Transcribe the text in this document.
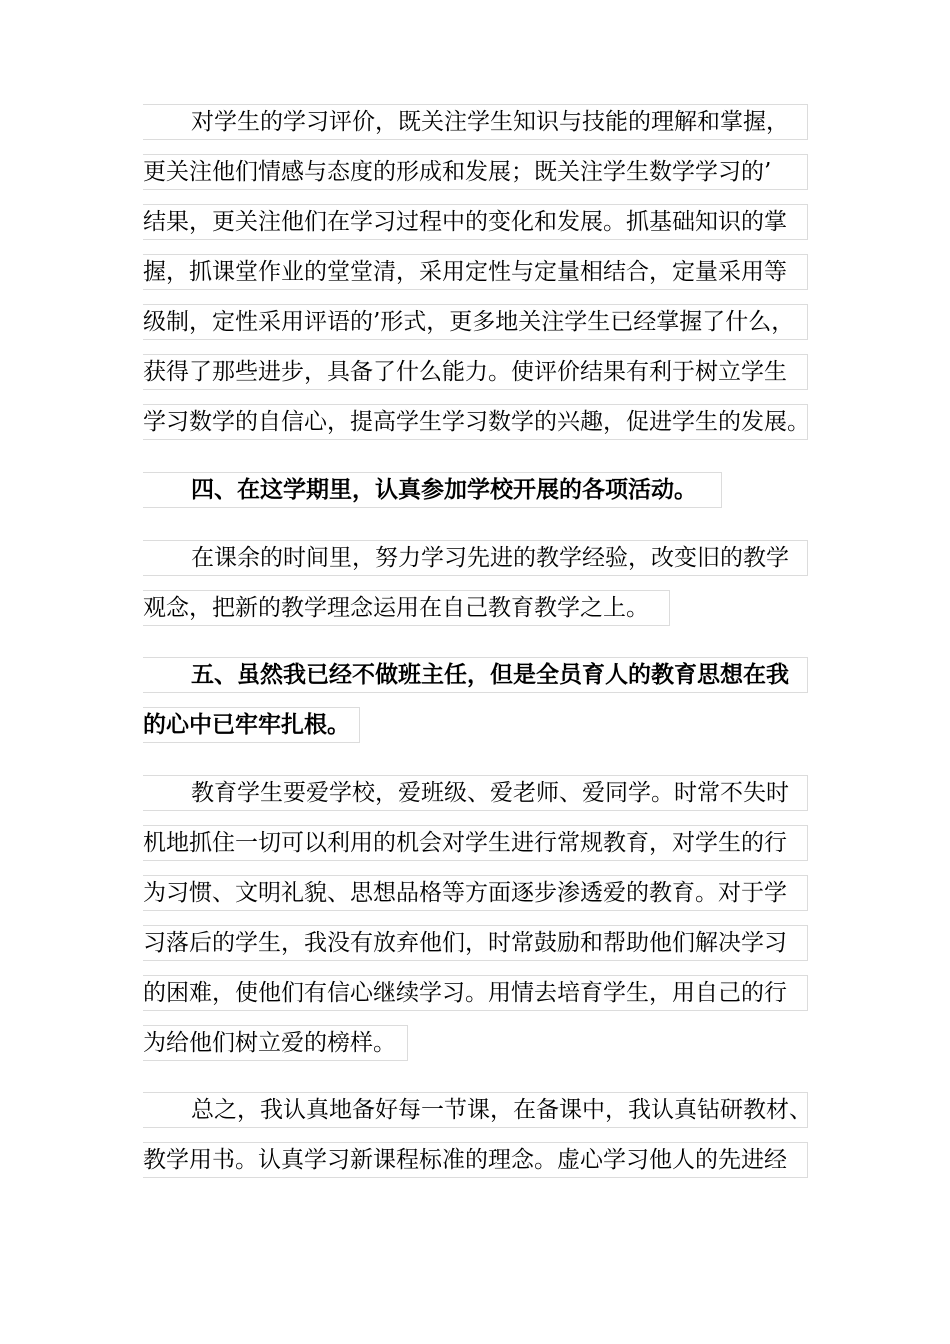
对学生的学习评价，既关注学生知识与技能的理解和掌握，
更关注他们情感与态度的形成和发展；既关注学生数学学习的’
结果，更关注他们在学习过程中的变化和发展。抓基础知识的掌
握，抓课堂作业的堂堂清，采用定性与定量相结合，定量采用等
级制，定性采用评语的’形式，更多地关注学生已经掌握了什么，
获得了那些进步，具备了什么能力。使评价结果有利于树立学生
学习数学的自信心，提高学生学习数学的兴趣，促进学生的发展。
四、在这学期里，认真参加学校开展的各项活动。
在课余的时间里，努力学习先进的教学经验，改变旧的教学
观念，把新的教学理念运用在自己教育教学之上。
五、虽然我已经不做班主任，但是全员育人的教育思想在我
的心中已牢牢扎根。
教育学生要爱学校，爱班级、爱老师、爱同学。时常不失时
机地抓住一切可以利用的机会对学生进行常规教育，对学生的行
为习惯、文明礼貌、思想品格等方面逐步渗透爱的教育。对于学
习落后的学生，我没有放弃他们，时常鼓励和帮助他们解决学习
的困难，使他们有信心继续学习。用情去培育学生，用自己的行
为给他们树立爱的榜样。
总之，我认真地备好每一节课，在备课中，我认真钻研教材、
教学用书。认真学习新课程标准的理念。虚心学习他人的先进经
